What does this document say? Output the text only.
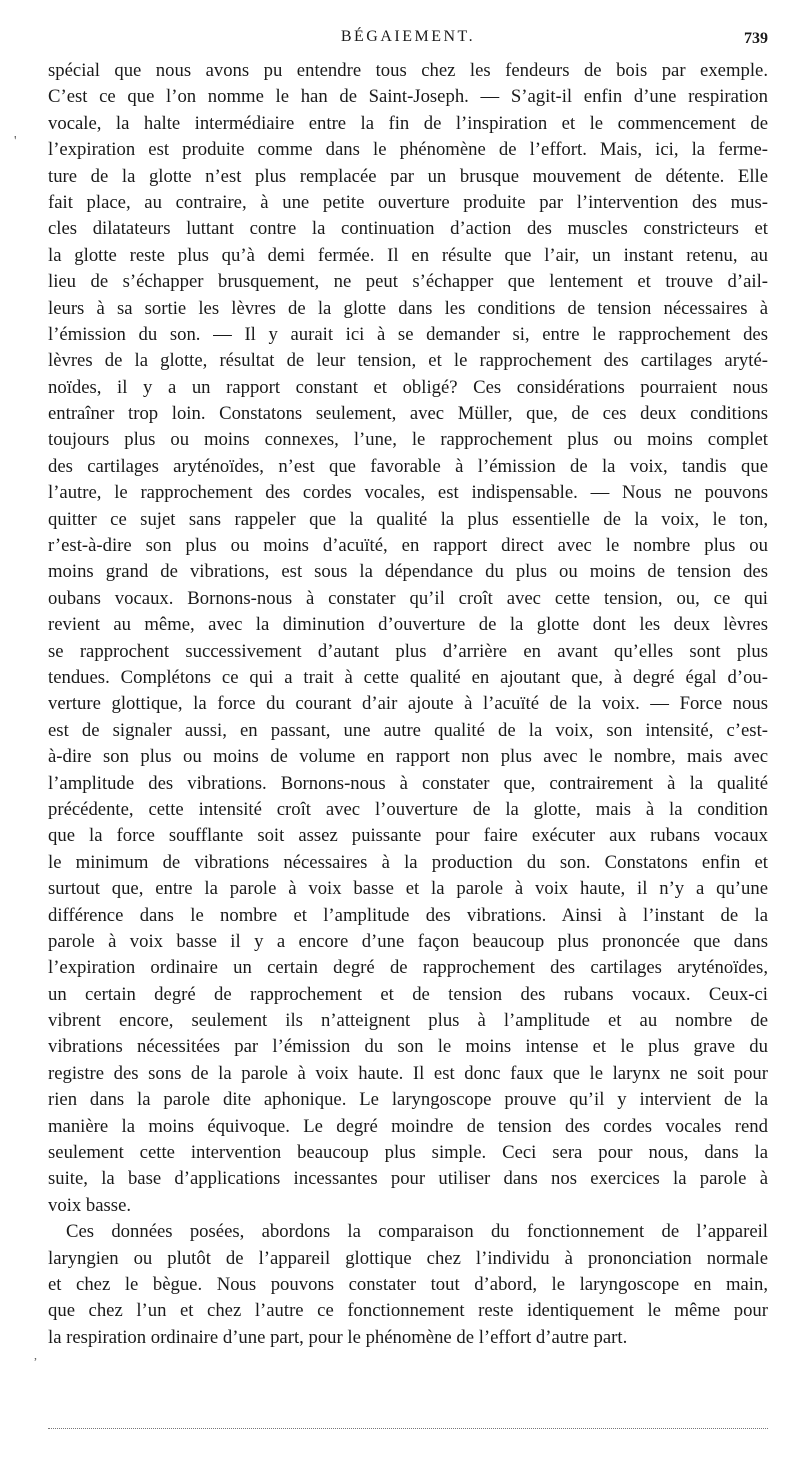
BÉGAIEMENT.	739
'
,
spécial que nous avons pu entendre tous chez les fendeurs de bois par exemple.
C’est ce que l’on nomme le han de Saint-Joseph. — S’agit-il enfin d’une respiration
vocale, la halte intermédiaire entre la fin de l’inspiration et le commencement de
l’expiration est produite comme dans le phénomène de l’effort. Mais, ici, la ferme-
ture de la glotte n’est plus remplacée par un brusque mouvement de détente. Elle
fait place, au contraire, à une petite ouverture produite par l’intervention des mus-
cles dilatateurs luttant contre la continuation d’action des muscles constricteurs et
la glotte reste plus qu’à demi fermée. Il en résulte que l’air, un instant retenu, au
lieu de s’échapper brusquement, ne peut s’échapper que lentement et trouve d’ail-
leurs à sa sortie les lèvres de la glotte dans les conditions de tension nécessaires à
l’émission du son. — Il y aurait ici à se demander si, entre le rapprochement des
lèvres de la glotte, résultat de leur tension, et le rapprochement des cartilages aryté-
noïdes, il y a un rapport constant et obligé? Ces considérations pourraient nous
entraîner trop loin. Constatons seulement, avec Müller, que, de ces deux conditions
toujours plus ou moins connexes, l’une, le rapprochement plus ou moins complet
des cartilages aryténoïdes, n’est que favorable à l’émission de la voix, tandis que
l’autre, le rapprochement des cordes vocales, est indispensable. — Nous ne pouvons
quitter ce sujet sans rappeler que la qualité la plus essentielle de la voix, le ton,
r’est-à-dire son plus ou moins d’acuïté, en rapport direct avec le nombre plus ou
moins grand de vibrations, est sous la dépendance du plus ou moins de tension des
oubans vocaux. Bornons-nous à constater qu’il croît avec cette tension, ou, ce qui
revient au même, avec la diminution d’ouverture de la glotte dont les deux lèvres
se rapprochent successivement d’autant plus d’arrière en avant qu’elles sont plus
tendues. Complétons ce qui a trait à cette qualité en ajoutant que, à degré égal d’ou-
verture glottique, la force du courant d’air ajoute à l’acuïté de la voix. — Force nous
est de signaler aussi, en passant, une autre qualité de la voix, son intensité, c’est-
à-dire son plus ou moins de volume en rapport non plus avec le nombre, mais avec
l’amplitude des vibrations. Bornons-nous à constater que, contrairement à la qualité
précédente, cette intensité croît avec l’ouverture de la glotte, mais à la condition
que la force soufflante soit assez puissante pour faire exécuter aux rubans vocaux
le minimum de vibrations nécessaires à la production du son. Constatons enfin et
surtout que, entre la parole à voix basse et la parole à voix haute, il n’y a qu’une
différence dans le nombre et l’amplitude des vibrations. Ainsi à l’instant de la
parole à voix basse il y a encore d’une façon beaucoup plus prononcée que dans
l’expiration ordinaire un certain degré de rapprochement des cartilages aryténoïdes,
un certain degré de rapprochement et de tension des rubans vocaux. Ceux-ci
vibrent encore, seulement ils n’atteignent plus à l’amplitude et au nombre de
vibrations nécessitées par l’émission du son le moins intense et le plus grave du
registre des sons de la parole à voix haute. Il est donc faux que le larynx ne soit pour
rien dans la parole dite aphonique. Le laryngoscope prouve qu’il y intervient de la
manière la moins équivoque. Le degré moindre de tension des cordes vocales rend
seulement cette intervention beaucoup plus simple. Ceci sera pour nous, dans la
suite, la base d’applications incessantes pour utiliser dans nos exercices la parole à
voix basse.
Ces données posées, abordons la comparaison du fonctionnement de l’appareil
laryngien ou plutôt de l’appareil glottique chez l’individu à prononciation normale
et chez le bègue. Nous pouvons constater tout d’abord, le laryngoscope en main,
que chez l’un et chez l’autre ce fonctionnement reste identiquement le même pour
la respiration ordinaire d’une part, pour le phénomène de l’effort d’autre part.
